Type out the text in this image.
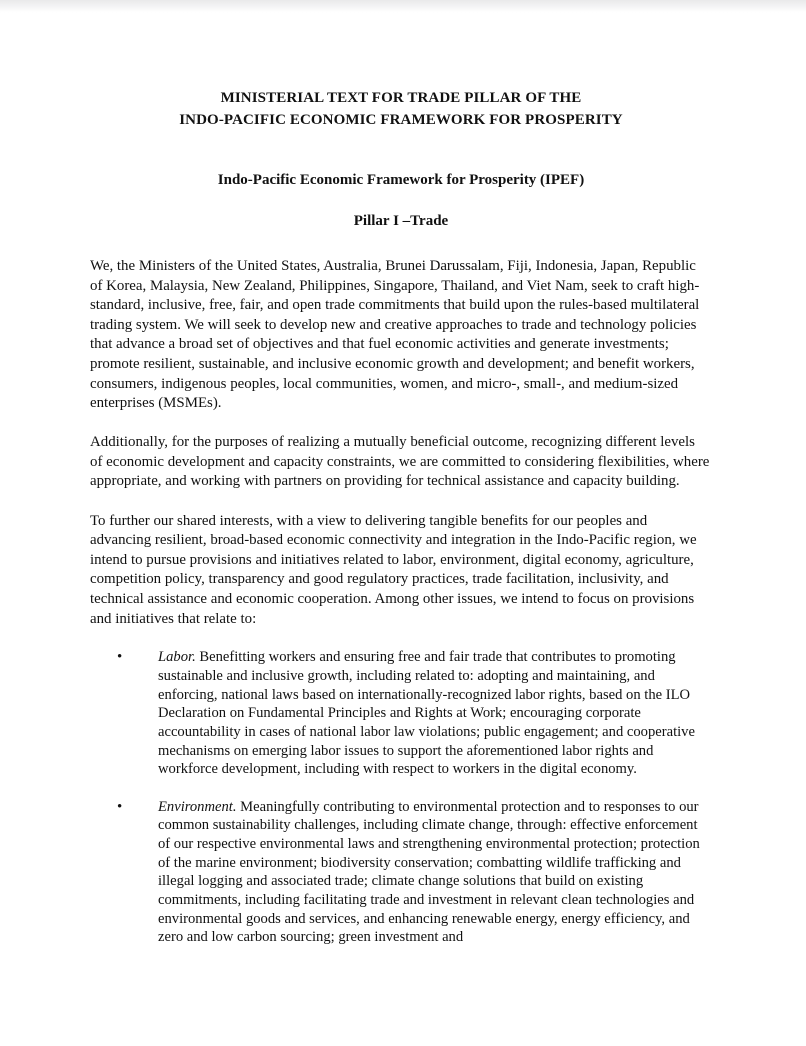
MINISTERIAL TEXT FOR TRADE PILLAR OF THE
INDO-PACIFIC ECONOMIC FRAMEWORK FOR PROSPERITY
Indo-Pacific Economic Framework for Prosperity (IPEF)
Pillar I –Trade

We, the Ministers of the United States, Australia, Brunei Darussalam, Fiji, Indonesia, Japan, Republic of Korea, Malaysia, New Zealand, Philippines, Singapore, Thailand, and Viet Nam, seek to craft high-standard, inclusive, free, fair, and open trade commitments that build upon the rules-based multilateral trading system. We will seek to develop new and creative approaches to trade and technology policies that advance a broad set of objectives and that fuel economic activities and generate investments; promote resilient, sustainable, and inclusive economic growth and development; and benefit workers, consumers, indigenous peoples, local communities, women, and micro-, small-, and medium-sized enterprises (MSMEs).

Additionally, for the purposes of realizing a mutually beneficial outcome, recognizing different levels of economic development and capacity constraints, we are committed to considering flexibilities, where appropriate, and working with partners on providing for technical assistance and capacity building.

To further our shared interests, with a view to delivering tangible benefits for our peoples and advancing resilient, broad-based economic connectivity and integration in the Indo-Pacific region, we intend to pursue provisions and initiatives related to labor, environment, digital economy, agriculture, competition policy, transparency and good regulatory practices, trade facilitation, inclusivity, and technical assistance and economic cooperation. Among other issues, we intend to focus on provisions and initiatives that relate to:

• Labor. Benefitting workers and ensuring free and fair trade that contributes to promoting sustainable and inclusive growth, including related to: adopting and maintaining, and enforcing, national laws based on internationally-recognized labor rights, based on the ILO Declaration on Fundamental Principles and Rights at Work; encouraging corporate accountability in cases of national labor law violations; public engagement; and cooperative mechanisms on emerging labor issues to support the aforementioned labor rights and workforce development, including with respect to workers in the digital economy.
• Environment. Meaningfully contributing to environmental protection and to responses to our common sustainability challenges, including climate change, through: effective enforcement of our respective environmental laws and strengthening environmental protection; protection of the marine environment; biodiversity conservation; combatting wildlife trafficking and illegal logging and associated trade; climate change solutions that build on existing commitments, including facilitating trade and investment in relevant clean technologies and environmental goods and services, and enhancing renewable energy, energy efficiency, and zero and low carbon sourcing; green investment and
